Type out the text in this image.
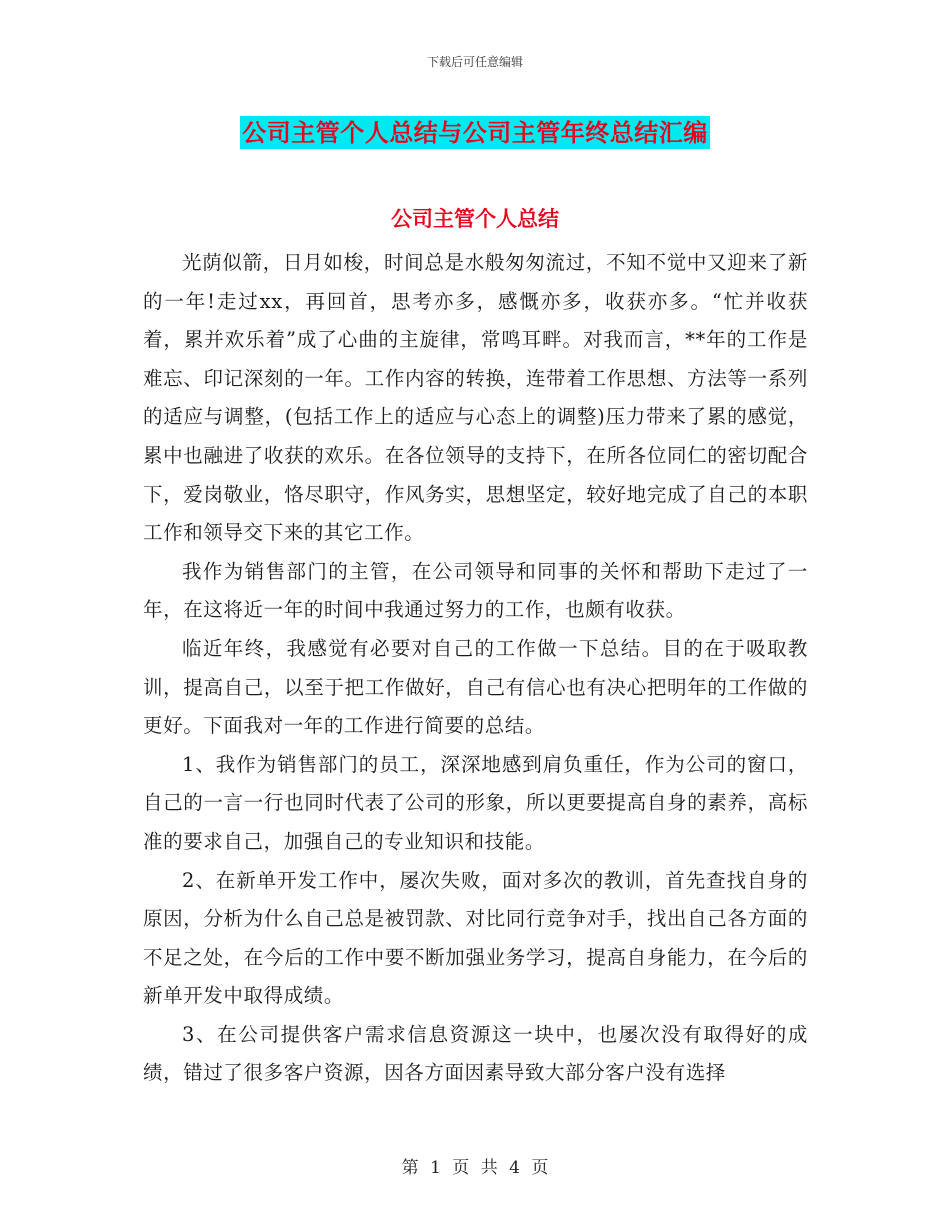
下载后可任意编辑
公司主管个人总结与公司主管年终总结汇编
公司主管个人总结

光荫似箭，日月如梭，时间总是水般匆匆流过，不知不觉中又迎来了新的一年!走过xx，再回首，思考亦多，感慨亦多，收获亦多。“忙并收获着，累并欢乐着”成了心曲的主旋律，常鸣耳畔。对我而言，**年的工作是难忘、印记深刻的一年。工作内容的转换，连带着工作思想、方法等一系列的适应与调整，(包括工作上的适应与心态上的调整)压力带来了累的感觉，累中也融进了收获的欢乐。在各位领导的支持下，在所各位同仁的密切配合下，爱岗敬业，恪尽职守，作风务实，思想坚定，较好地完成了自己的本职工作和领导交下来的其它工作。

我作为销售部门的主管，在公司领导和同事的关怀和帮助下走过了一年，在这将近一年的时间中我通过努力的工作，也颇有收获。

临近年终，我感觉有必要对自己的工作做一下总结。目的在于吸取教训，提高自己，以至于把工作做好，自己有信心也有决心把明年的工作做的更好。下面我对一年的工作进行简要的总结。

1、我作为销售部门的员工，深深地感到肩负重任，作为公司的窗口，自己的一言一行也同时代表了公司的形象，所以更要提高自身的素养，高标准的要求自己，加强自己的专业知识和技能。

2、在新单开发工作中，屡次失败，面对多次的教训，首先查找自身的原因，分析为什么自己总是被罚款、对比同行竞争对手，找出自己各方面的不足之处，在今后的工作中要不断加强业务学习，提高自身能力，在今后的新单开发中取得成绩。

3、在公司提供客户需求信息资源这一块中，也屡次没有取得好的成绩，错过了很多客户资源，因各方面因素导致大部分客户没有选择

第 1 页 共 4 页
